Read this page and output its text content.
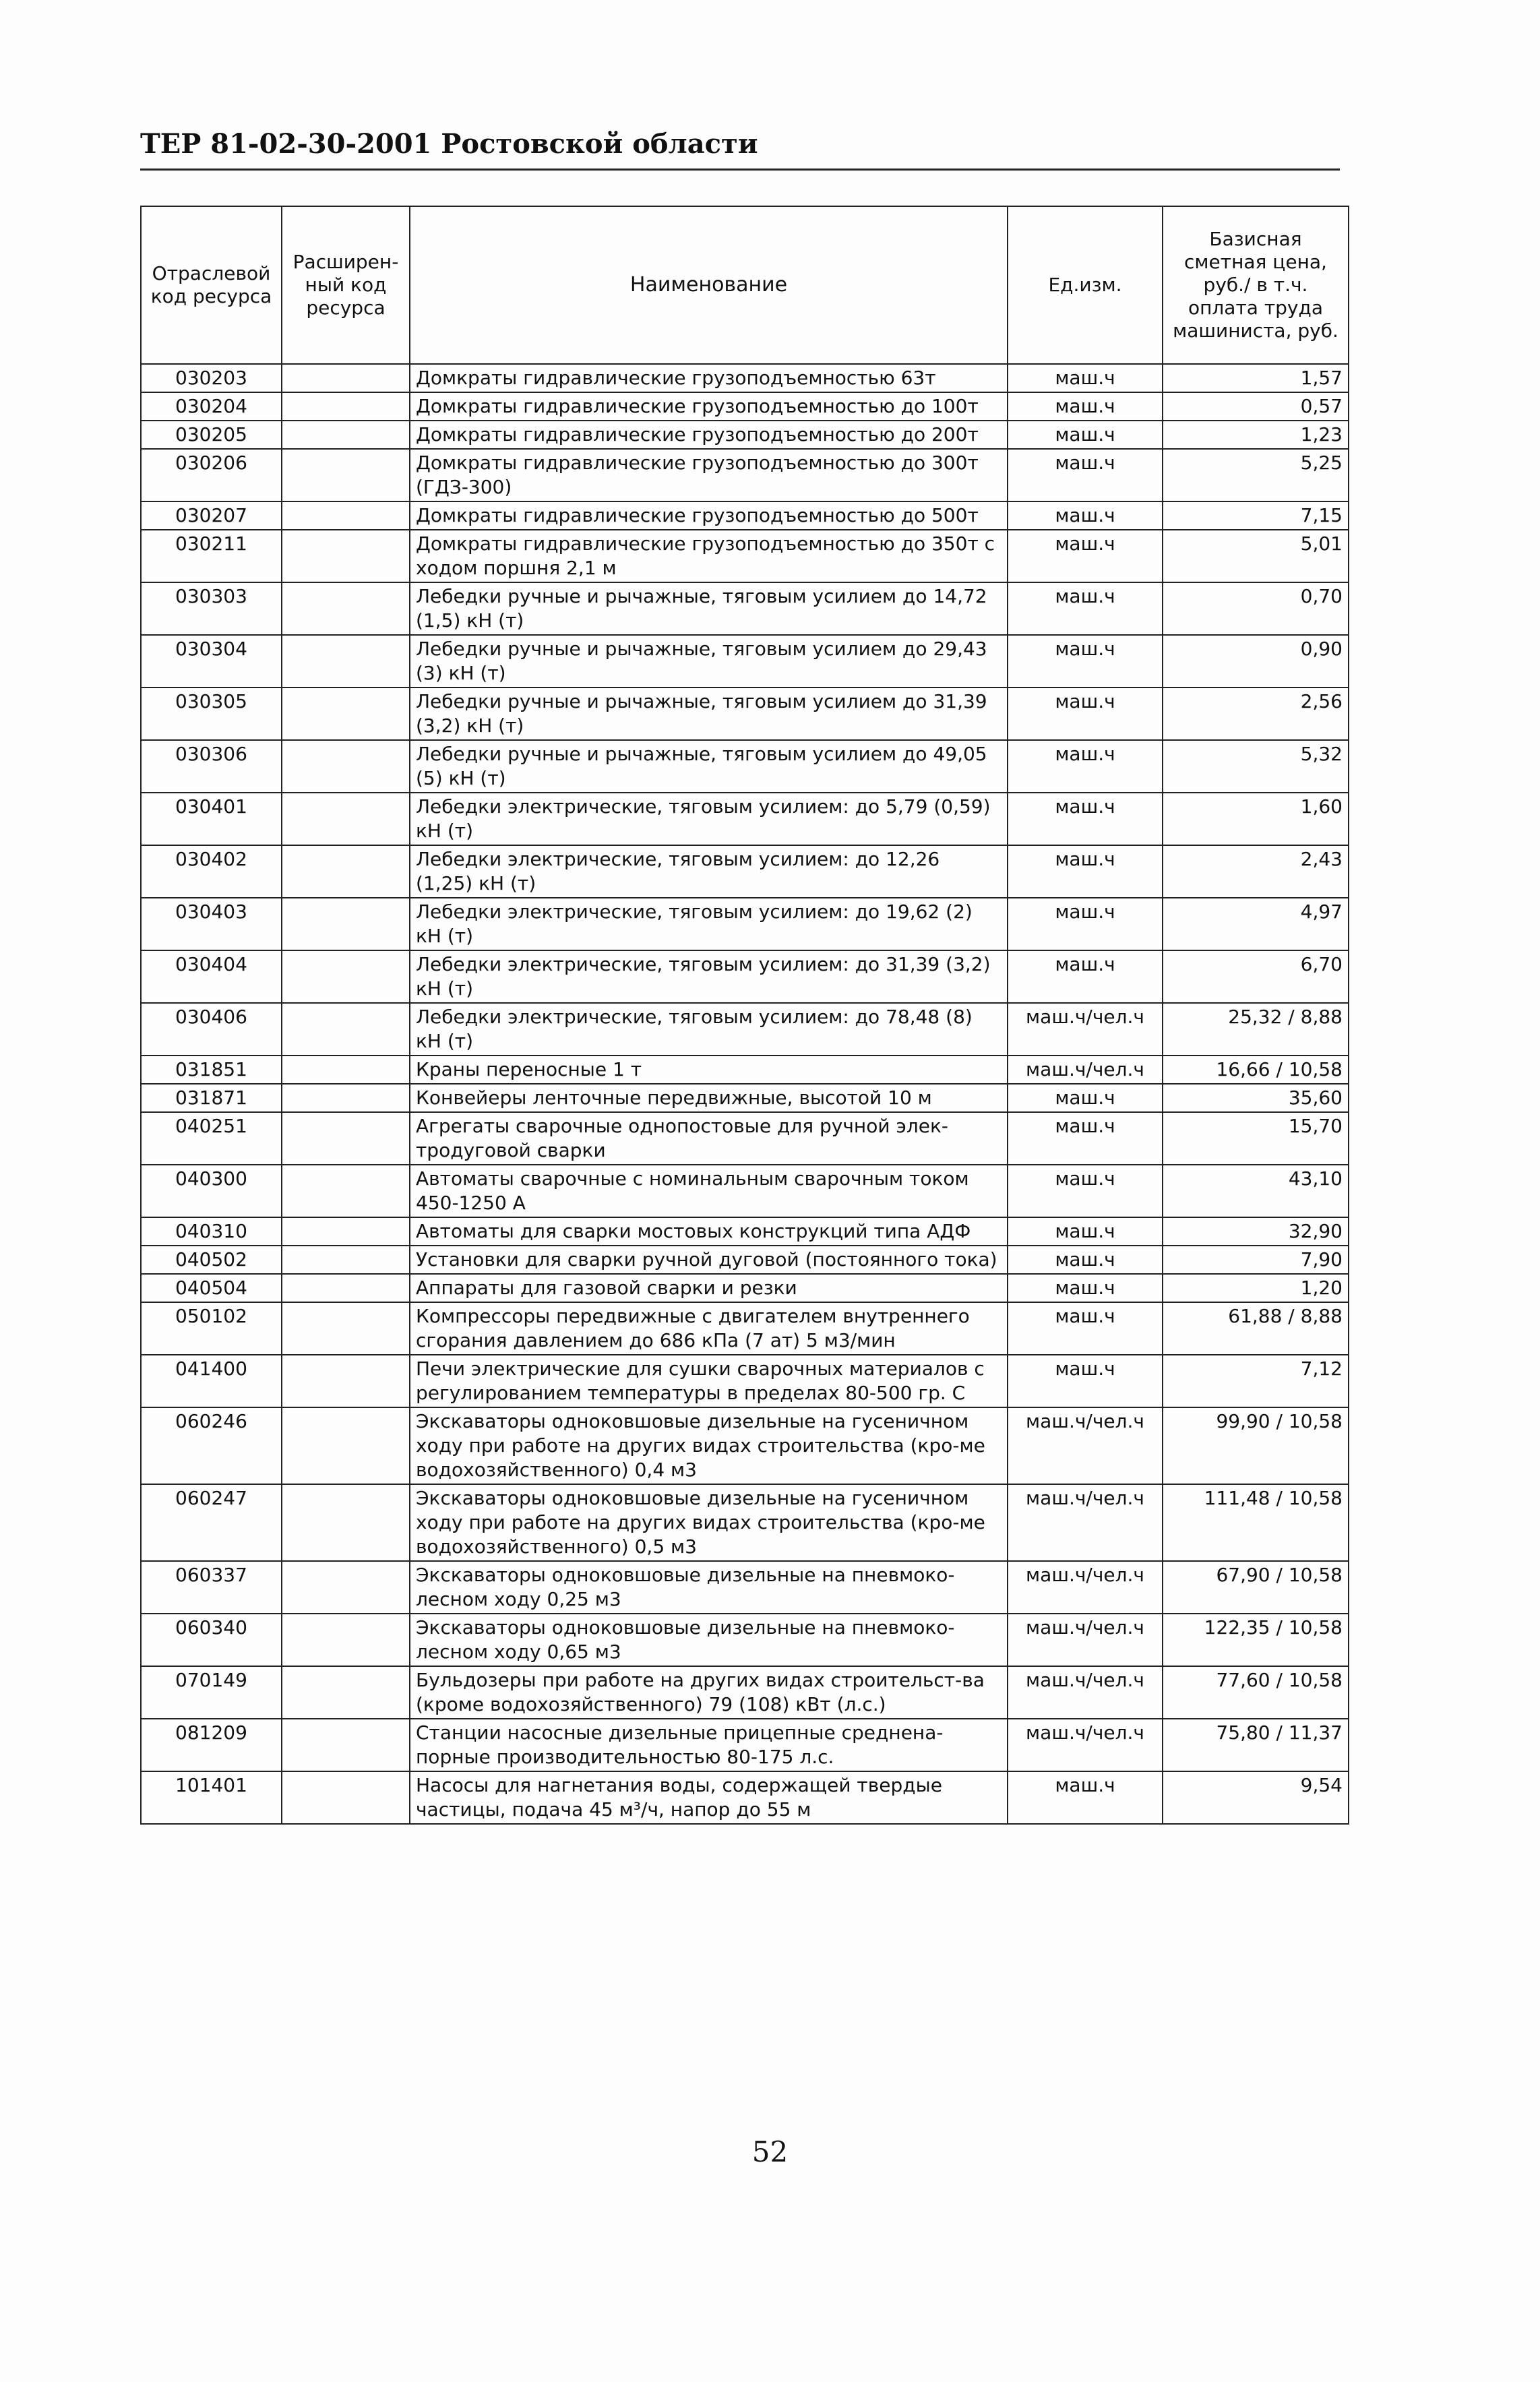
ТЕР 81-02-30-2001 Ростовской области
Отраслевой код ресурса	Расширен-ный код ресурса	Наименование	Ед.изм.	Базисная сметная цена, руб./ в т.ч. оплата труда машиниста, руб.
030203		Домкраты гидравлические грузоподъемностью 63т	маш.ч	1,57
030204		Домкраты гидравлические грузоподъемностью до 100т	маш.ч	0,57
030205		Домкраты гидравлические грузоподъемностью до 200т	маш.ч	1,23
030206		Домкраты гидравлические грузоподъемностью до 300т (ГДЗ-300)	маш.ч	5,25
030207		Домкраты гидравлические грузоподъемностью до 500т	маш.ч	7,15
030211		Домкраты гидравлические грузоподъемностью до 350т с ходом поршня 2,1 м	маш.ч	5,01
030303		Лебедки ручные и рычажные, тяговым усилием до 14,72 (1,5) кН (т)	маш.ч	0,70
030304		Лебедки ручные и рычажные, тяговым усилием до 29,43 (3) кН (т)	маш.ч	0,90
030305		Лебедки ручные и рычажные, тяговым усилием до 31,39 (3,2) кН (т)	маш.ч	2,56
030306		Лебедки ручные и рычажные, тяговым усилием до 49,05 (5) кН (т)	маш.ч	5,32
030401		Лебедки электрические, тяговым усилием: до 5,79 (0,59) кН (т)	маш.ч	1,60
030402		Лебедки электрические, тяговым усилием: до 12,26 (1,25) кН (т)	маш.ч	2,43
030403		Лебедки электрические, тяговым усилием: до 19,62 (2) кН (т)	маш.ч	4,97
030404		Лебедки электрические, тяговым усилием: до 31,39 (3,2) кН (т)	маш.ч	6,70
030406		Лебедки электрические, тяговым усилием: до 78,48 (8) кН (т)	маш.ч/чел.ч	25,32 / 8,88
031851		Краны переносные 1 т	маш.ч/чел.ч	16,66 / 10,58
031871		Конвейеры ленточные передвижные, высотой 10 м	маш.ч	35,60
040251		Агрегаты сварочные однопостовые для ручной элек-тродуговой сварки	маш.ч	15,70
040300		Автоматы сварочные с номинальным сварочным током 450-1250 А	маш.ч	43,10
040310		Автоматы для сварки мостовых конструкций типа АДФ	маш.ч	32,90
040502		Установки для сварки ручной дуговой (постоянного тока)	маш.ч	7,90
040504		Аппараты для газовой сварки и резки	маш.ч	1,20
050102		Компрессоры передвижные с двигателем внутреннего сгорания давлением до 686 кПа (7 ат) 5 м3/мин	маш.ч	61,88 / 8,88
041400		Печи электрические для сушки сварочных материалов с регулированием температуры в пределах 80-500 гр. С	маш.ч	7,12
060246		Экскаваторы одноковшовые дизельные на гусеничном ходу при работе на других видах строительства (кро-ме водохозяйственного) 0,4 м3	маш.ч/чел.ч	99,90 / 10,58
060247		Экскаваторы одноковшовые дизельные на гусеничном ходу при работе на других видах строительства (кро-ме водохозяйственного) 0,5 м3	маш.ч/чел.ч	111,48 / 10,58
060337		Экскаваторы одноковшовые дизельные на пневмоко-лесном ходу 0,25 м3	маш.ч/чел.ч	67,90 / 10,58
060340		Экскаваторы одноковшовые дизельные на пневмоко-лесном ходу 0,65 м3	маш.ч/чел.ч	122,35 / 10,58
070149		Бульдозеры при работе на других видах строительст-ва (кроме водохозяйственного) 79 (108) кВт (л.с.)	маш.ч/чел.ч	77,60 / 10,58
081209		Станции насосные дизельные прицепные среднена-порные производительностью 80-175 л.с.	маш.ч/чел.ч	75,80 / 11,37
101401		Насосы для нагнетания воды, содержащей твердые частицы, подача 45 м³/ч, напор до 55 м	маш.ч	9,54
52
